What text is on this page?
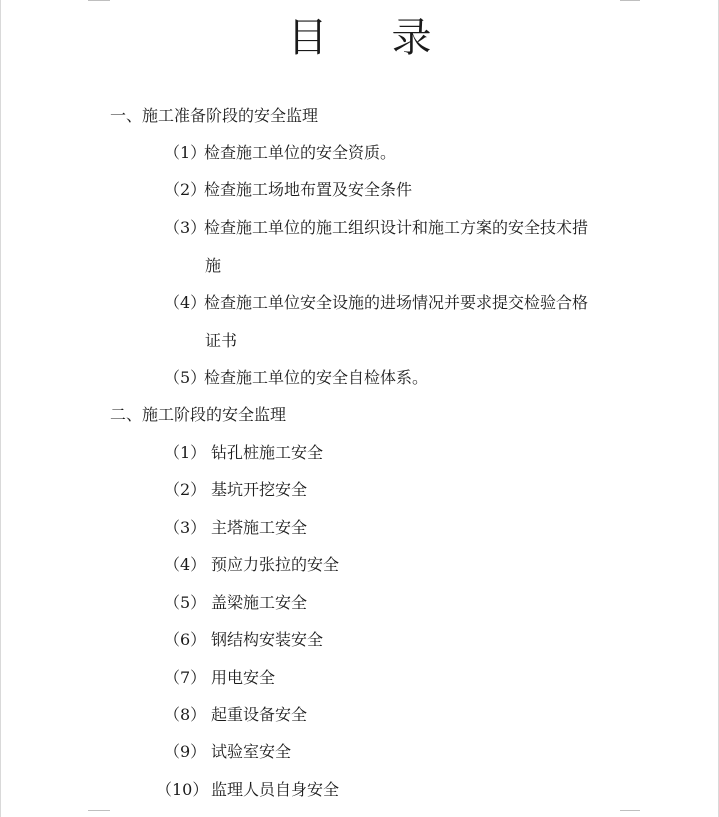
目 录
一、施工准备阶段的安全监理
（1）检查施工单位的安全资质。
（2）检查施工场地布置及安全条件
（3）检查施工单位的施工组织设计和施工方案的安全技术措
施
（4）检查施工单位安全设施的进场情况并要求提交检验合格
证书
（5）检查施工单位的安全自检体系。
二、施工阶段的安全监理
（1） 钻孔桩施工安全
（2） 基坑开挖安全
（3） 主塔施工安全
（4） 预应力张拉的安全
（5） 盖梁施工安全
（6） 钢结构安装安全
（7） 用电安全
（8） 起重设备安全
（9） 试验室安全
（10） 监理人员自身安全
